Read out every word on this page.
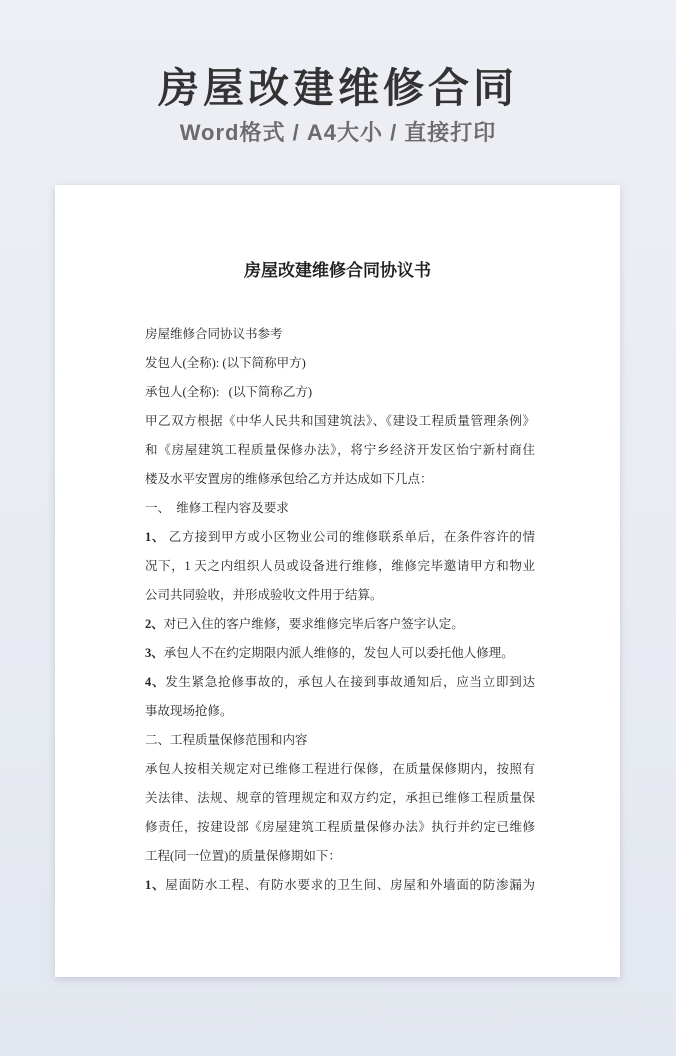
房屋改建维修合同
Word格式 / A4大小 / 直接打印
房屋改建维修合同协议书
房屋维修合同协议书参考
发包人(全称): (以下简称甲方)
承包人(全称):   (以下简称乙方)
甲乙双方根据《中华人民共和国建筑法》、《建设工程质量管理条例》
和《房屋建筑工程质量保修办法》，将宁乡经济开发区怡宁新村商住
楼及水平安置房的维修承包给乙方并达成如下几点：
一、  维修工程内容及要求
1、 乙方接到甲方或小区物业公司的维修联系单后，在条件容许的情
况下，1 天之内组织人员或设备进行维修，维修完毕邀请甲方和物业
公司共同验收，并形成验收文件用于结算。
2、对已入住的客户维修，要求维修完毕后客户签字认定。
3、承包人不在约定期限内派人维修的，发包人可以委托他人修理。
4、发生紧急抢修事故的，承包人在接到事故通知后，应当立即到达
事故现场抢修。
二、工程质量保修范围和内容
承包人按相关规定对已维修工程进行保修，在质量保修期内，按照有
关法律、法规、规章的管理规定和双方约定，承担已维修工程质量保
修责任，按建设部《房屋建筑工程质量保修办法》执行并约定已维修
工程(同一位置)的质量保修期如下：
1、屋面防水工程、有防水要求的卫生间、房屋和外墙面的防渗漏为
